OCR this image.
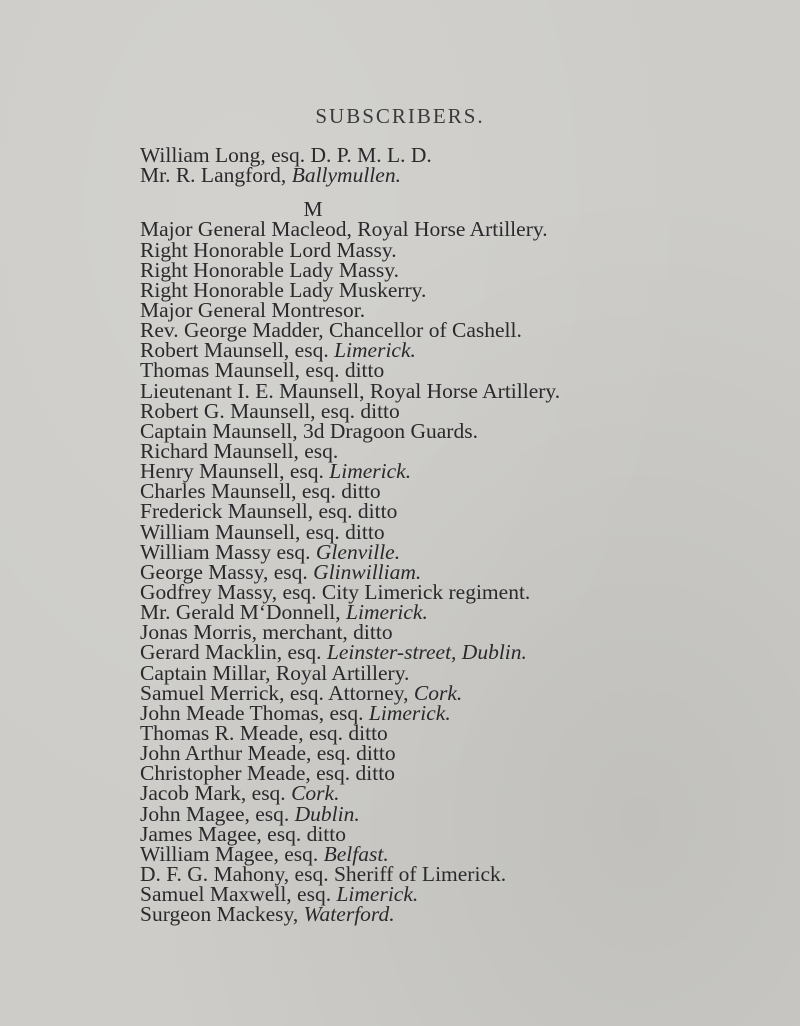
SUBSCRIBERS.
William Long, esq. D. P. M. L. D.
Mr. R. Langford, Ballymullen.
M
Major General Macleod, Royal Horse Artillery.
Right Honorable Lord Massy.
Right Honorable Lady Massy.
Right Honorable Lady Muskerry.
Major General Montresor.
Rev. George Madder, Chancellor of Cashell.
Robert Maunsell, esq. Limerick.
Thomas Maunsell, esq. ditto
Lieutenant I. E. Maunsell, Royal Horse Artillery.
Robert G. Maunsell, esq. ditto
Captain Maunsell, 3d Dragoon Guards.
Richard Maunsell, esq.
Henry Maunsell, esq. Limerick.
Charles Maunsell, esq. ditto
Frederick Maunsell, esq. ditto
William Maunsell, esq. ditto
William Massy esq. Glenville.
George Massy, esq. Glinwilliam.
Godfrey Massy, esq. City Limerick regiment.
Mr. Gerald M‘Donnell, Limerick.
Jonas Morris, merchant, ditto
Gerard Macklin, esq. Leinster-street, Dublin.
Captain Millar, Royal Artillery.
Samuel Merrick, esq. Attorney, Cork.
John Meade Thomas, esq. Limerick.
Thomas R. Meade, esq. ditto
John Arthur Meade, esq. ditto
Christopher Meade, esq. ditto
Jacob Mark, esq. Cork.
John Magee, esq. Dublin.
James Magee, esq. ditto
William Magee, esq. Belfast.
D. F. G. Mahony, esq. Sheriff of Limerick.
Samuel Maxwell, esq. Limerick.
Surgeon Mackesy, Waterford.
